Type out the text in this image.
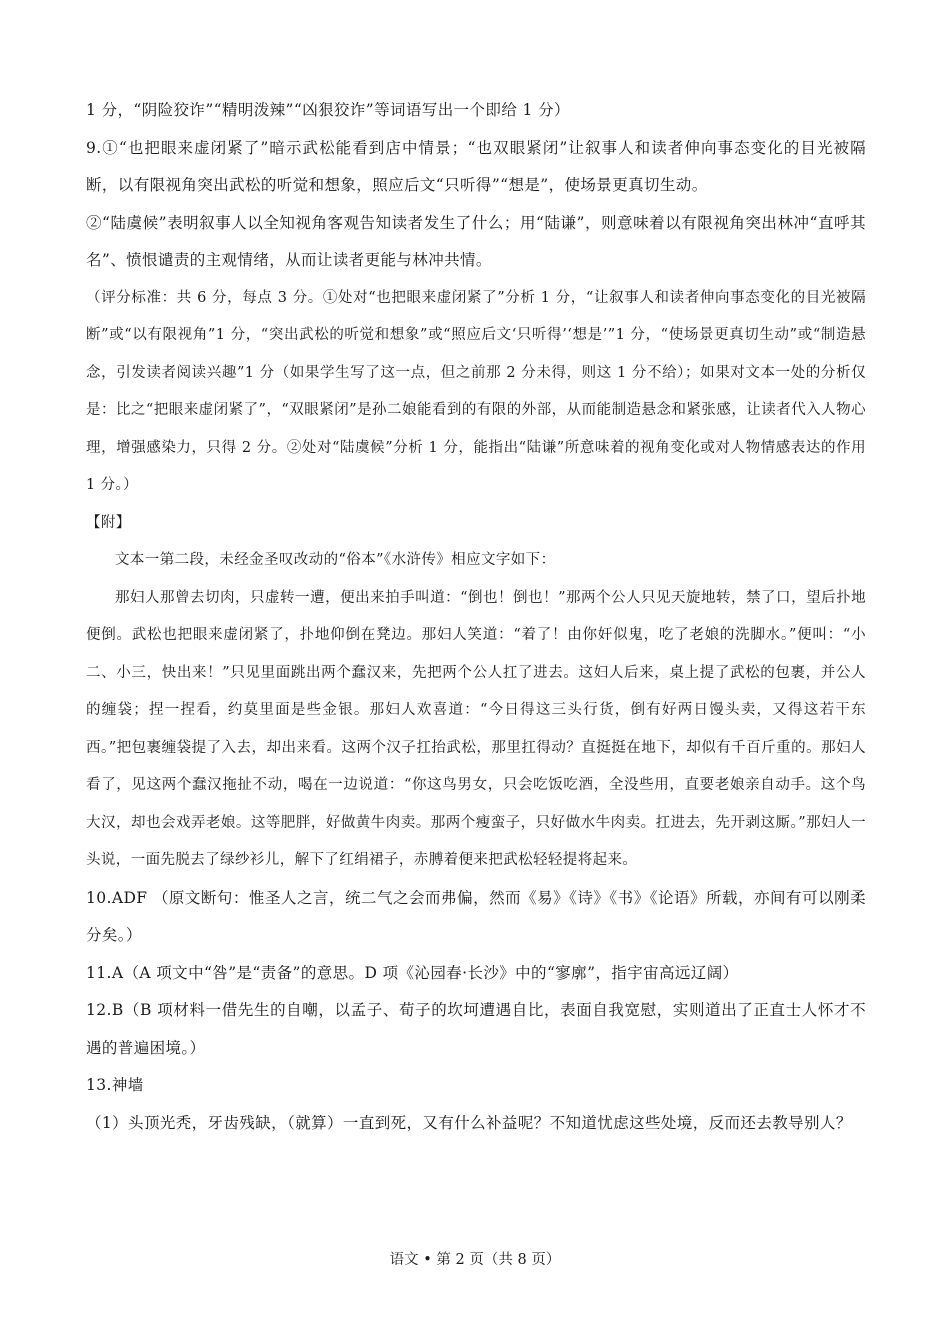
1 分，“阴险狡诈”“精明泼辣”“凶狠狡诈”等词语写出一个即给 1 分）

9.①“也把眼来虚闭紧了”暗示武松能看到店中情景；“也双眼紧闭”让叙事人和读者伸向事态变化的目光被隔断，以有限视角突出武松的听觉和想象，照应后文“只听得”“想是”，使场景更真切生动。

②“陆虞候”表明叙事人以全知视角客观告知读者发生了什么；用“陆谦”，则意味着以有限视角突出林冲“直呼其名”、愤恨谴责的主观情绪，从而让读者更能与林冲共情。

（评分标准：共 6 分，每点 3 分。①处对“也把眼来虚闭紧了”分析 1 分，“让叙事人和读者伸向事态变化的目光被隔断”或“以有限视角”1 分，“突出武松的听觉和想象”或“照应后文‘只听得’‘想是’”1 分，“使场景更真切生动”或“制造悬念，引发读者阅读兴趣”1 分（如果学生写了这一点，但之前那 2 分未得，则这 1 分不给）；如果对文本一处的分析仅是：比之“把眼来虚闭紧了”，“双眼紧闭”是孙二娘能看到的有限的外部，从而能制造悬念和紧张感，让读者代入人物心理，增强感染力，只得 2 分。②处对“陆虞候”分析 1 分，能指出“陆谦”所意味着的视角变化或对人物情感表达的作用 1 分。）

【附】

文本一第二段，未经金圣叹改动的“俗本”《水浒传》相应文字如下：

那妇人那曾去切肉，只虚转一遭，便出来拍手叫道：“倒也！倒也！”那两个公人只见天旋地转，禁了口，望后扑地便倒。武松也把眼来虚闭紧了，扑地仰倒在凳边。那妇人笑道：“着了！由你奸似鬼，吃了老娘的洗脚水。”便叫：“小二、小三，快出来！”只见里面跳出两个蠢汉来，先把两个公人扛了进去。这妇人后来，桌上提了武松的包裹，并公人的缠袋；捏一捏看，约莫里面是些金银。那妇人欢喜道：“今日得这三头行货，倒有好两日馒头卖，又得这若干东西。”把包裹缠袋提了入去，却出来看。这两个汉子扛抬武松，那里扛得动？直挺挺在地下，却似有千百斤重的。那妇人看了，见这两个蠢汉拖扯不动，喝在一边说道：“你这鸟男女，只会吃饭吃酒，全没些用，直要老娘亲自动手。这个鸟大汉，却也会戏弄老娘。这等肥胖，好做黄牛肉卖。那两个瘦蛮子，只好做水牛肉卖。扛进去，先开剥这厮。”那妇人一头说，一面先脱去了绿纱衫儿，解下了红绢裙子，赤膊着便来把武松轻轻提将起来。

10.ADF （原文断句：惟圣人之言，统二气之会而弗偏，然而《易》《诗》《书》《论语》所载，亦间有可以刚柔分矣。）

11.A（A 项文中“咎”是“责备”的意思。D 项《沁园春·长沙》中的“寥廓”，指宇宙高远辽阔）

12.B（B 项材料一借先生的自嘲，以孟子、荀子的坎坷遭遇自比，表面自我宽慰，实则道出了正直士人怀才不遇的普遍困境。）

13.神墙

（1）头顶光秃，牙齿残缺，（就算）一直到死，又有什么补益呢？不知道忧虑这些处境，反而还去教导别人？

语文 • 第 2 页（共 8 页）
